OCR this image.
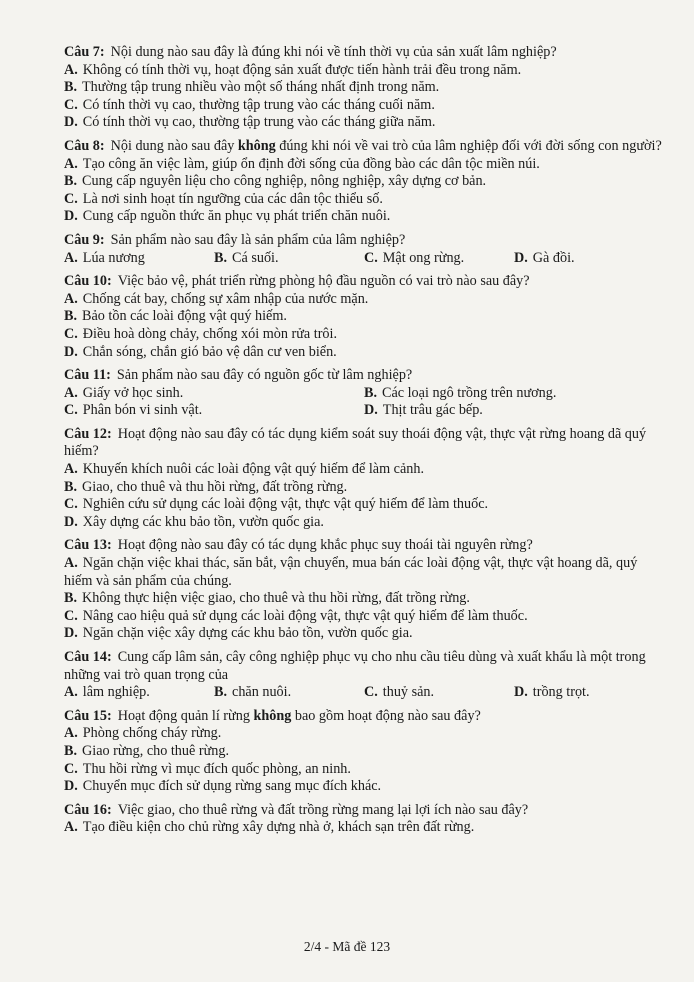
Câu 7: Nội dung nào sau đây là đúng khi nói về tính thời vụ của sản xuất lâm nghiệp?
A. Không có tính thời vụ, hoạt động sản xuất được tiến hành trải đều trong năm.
B. Thường tập trung nhiều vào một số tháng nhất định trong năm.
C. Có tính thời vụ cao, thường tập trung vào các tháng cuối năm.
D. Có tính thời vụ cao, thường tập trung vào các tháng giữa năm.
Câu 8: Nội dung nào sau đây không đúng khi nói về vai trò của lâm nghiệp đối với đời sống con người?
A. Tạo công ăn việc làm, giúp ổn định đời sống của đồng bào các dân tộc miền núi.
B. Cung cấp nguyên liệu cho công nghiệp, nông nghiệp, xây dựng cơ bản.
C. Là nơi sinh hoạt tín ngưỡng của các dân tộc thiểu số.
D. Cung cấp nguồn thức ăn phục vụ phát triển chăn nuôi.
Câu 9: Sản phẩm nào sau đây là sản phẩm của lâm nghiệp?
A. Lúa nương	B. Cá suối.	C. Mật ong rừng.	D. Gà đồi.
Câu 10: Việc bảo vệ, phát triển rừng phòng hộ đầu nguồn có vai trò nào sau đây?
A. Chống cát bay, chống sự xâm nhập của nước mặn.
B. Bảo tồn các loài động vật quý hiếm.
C. Điều hoà dòng chảy, chống xói mòn rửa trôi.
D. Chắn sóng, chắn gió bảo vệ dân cư ven biển.
Câu 11: Sản phẩm nào sau đây có nguồn gốc từ lâm nghiệp?
A. Giấy vở học sinh.	B. Các loại ngô trồng trên nương.
C. Phân bón vi sinh vật.	D. Thịt trâu gác bếp.
Câu 12: Hoạt động nào sau đây có tác dụng kiểm soát suy thoái động vật, thực vật rừng hoang dã quý hiếm?
A. Khuyến khích nuôi các loài động vật quý hiếm để làm cảnh.
B. Giao, cho thuê và thu hồi rừng, đất trồng rừng.
C. Nghiên cứu sử dụng các loài động vật, thực vật quý hiếm để làm thuốc.
D. Xây dựng các khu bảo tồn, vườn quốc gia.
Câu 13: Hoạt động nào sau đây có tác dụng khắc phục suy thoái tài nguyên rừng?
A. Ngăn chặn việc khai thác, săn bắt, vận chuyển, mua bán các loài động vật, thực vật hoang dã, quý hiếm và sản phẩm của chúng.
B. Không thực hiện việc giao, cho thuê và thu hồi rừng, đất trồng rừng.
C. Nâng cao hiệu quả sử dụng các loài động vật, thực vật quý hiếm để làm thuốc.
D. Ngăn chặn việc xây dựng các khu bảo tồn, vườn quốc gia.
Câu 14: Cung cấp lâm sản, cây công nghiệp phục vụ cho nhu cầu tiêu dùng và xuất khẩu là một trong những vai trò quan trọng của
A. lâm nghiệp.	B. chăn nuôi.	C. thuỷ sản.	D. trồng trọt.
Câu 15: Hoạt động quản lí rừng không bao gồm hoạt động nào sau đây?
A. Phòng chống cháy rừng.
B. Giao rừng, cho thuê rừng.
C. Thu hồi rừng vì mục đích quốc phòng, an ninh.
D. Chuyển mục đích sử dụng rừng sang mục đích khác.
Câu 16: Việc giao, cho thuê rừng và đất trồng rừng mang lại lợi ích nào sau đây?
A. Tạo điều kiện cho chủ rừng xây dựng nhà ở, khách sạn trên đất rừng.
2/4 - Mã đề 123
